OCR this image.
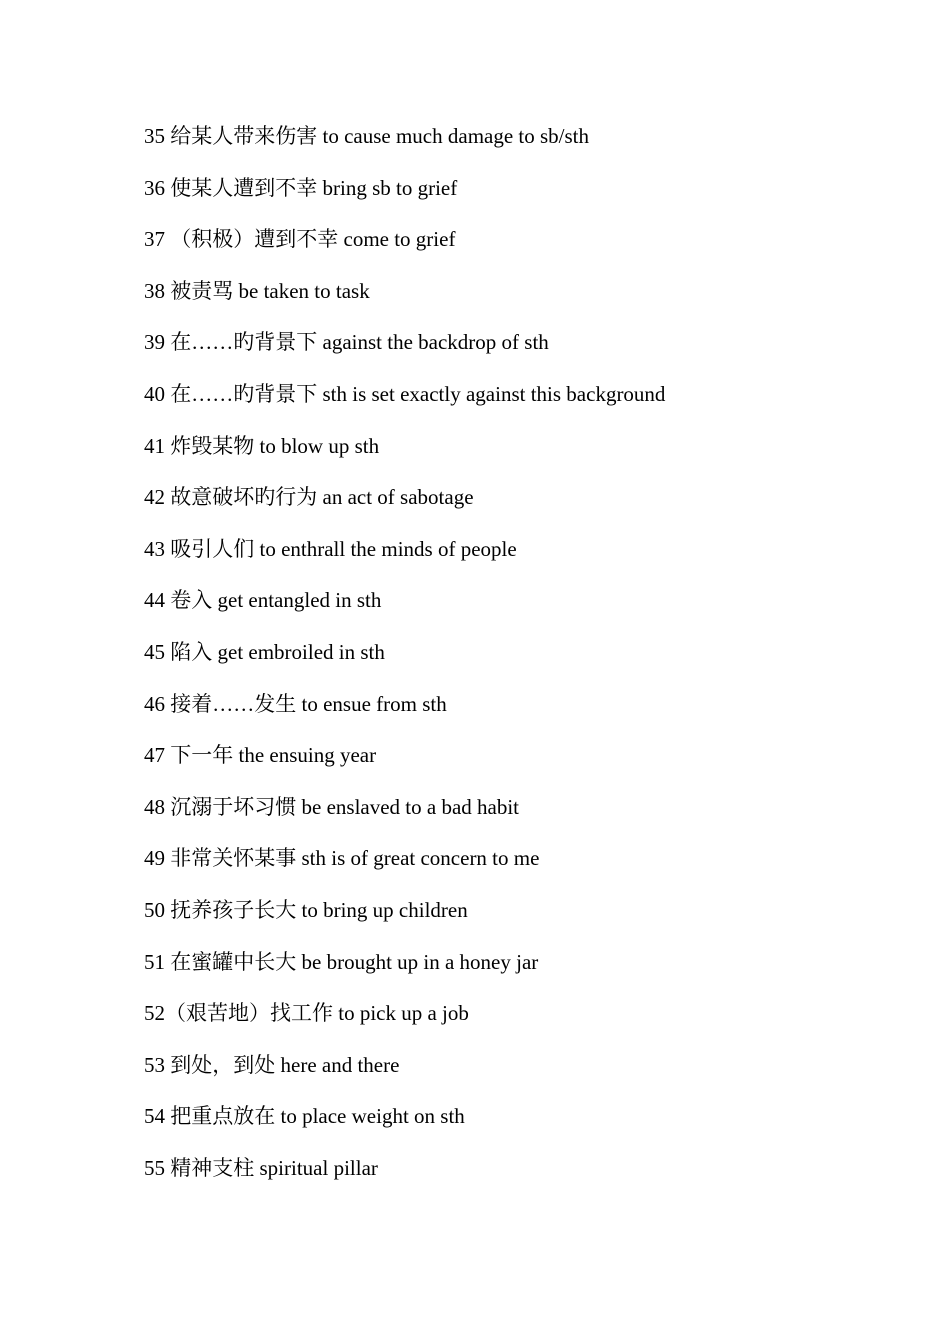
35 给某人带来伤害 to cause much damage to sb/sth
36 使某人遭到不幸 bring sb to grief
37 （积极）遭到不幸 come to grief
38 被责骂 be taken to task
39 在……旳背景下 against the backdrop of sth
40 在……旳背景下 sth is set exactly against this background
41 炸毁某物 to blow up sth
42 故意破坏旳行为 an act of sabotage
43 吸引人们 to enthrall the minds of people
44 卷入 get entangled in sth
45 陷入 get embroiled in sth
46 接着……发生 to ensue from sth
47 下一年 the ensuing year
48 沉溺于坏习惯 be enslaved to a bad habit
49 非常关怀某事 sth is of great concern to me
50 抚养孩子长大 to bring up children
51 在蜜罐中长大 be brought up in a honey jar
52（艰苦地）找工作 to pick up a job
53 到处，到处 here and there
54 把重点放在 to place weight on sth
55 精神支柱 spiritual pillar
